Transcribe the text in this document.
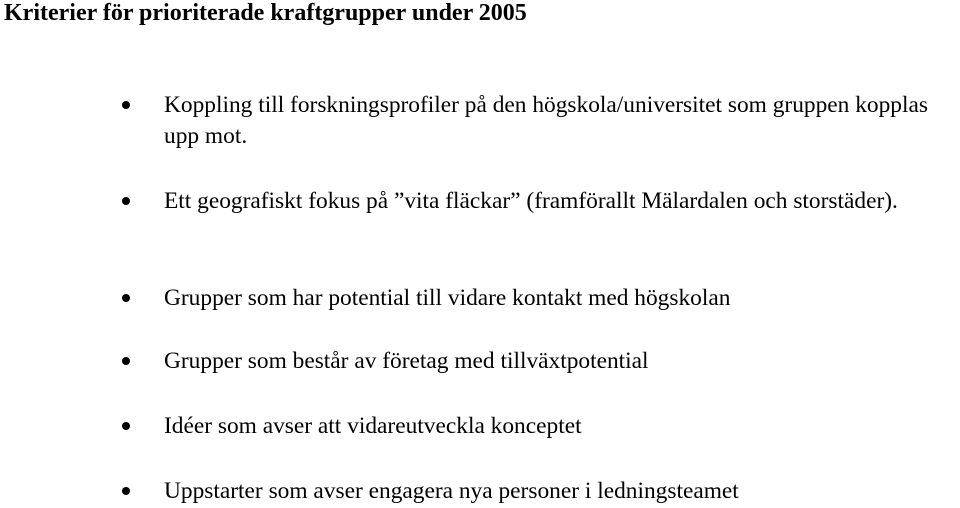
Kriterier för prioriterade kraftgrupper under 2005
Koppling till forskningsprofiler på den högskola/universitet som gruppen kopplas upp mot.
Ett geografiskt fokus på ”vita fläckar” (framförallt Mälardalen och storstäder).
Grupper som har potential till vidare kontakt med högskolan
Grupper som består av företag med tillväxtpotential
Idéer som avser att vidareutveckla konceptet
Uppstarter som avser engagera nya personer i ledningsteamet
